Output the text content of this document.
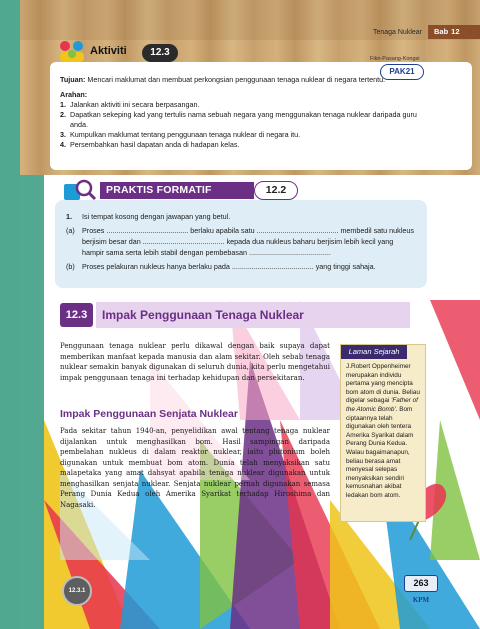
Tenaga Nuklear	Bab 12
Aktiviti	12.3
Fikir-Pasang-Kongsi
PAK21
Tujuan: Mencari maklumat dan membuat perkongsian penggunaan tenaga nuklear di negara tertentu.
Arahan:
1. Jalankan aktiviti ini secara berpasangan.
2. Dapatkan sekeping kad yang tertulis nama sebuah negara yang menggunakan tenaga nuklear daripada guru anda.
3. Kumpulkan maklumat tentang penggunaan tenaga nuklear di negara itu.
4. Persembahkan hasil dapatan anda di hadapan kelas.
PRAKTIS FORMATIF	12.2
1.	Isi tempat kosong dengan jawapan yang betul.
(a)	Proses ......................................... berlaku apabila satu ......................................... membedil satu nukleus berjisim besar dan ......................................... kepada dua nukleus baharu berjisim lebih kecil yang hampir sama serta lebih stabil dengan pembebasan .........................................
(b)	Proses pelakuran nukleus hanya berlaku pada ......................................... yang tinggi sahaja.
12.3	Impak Penggunaan Tenaga Nuklear

Penggunaan tenaga nuklear perlu dikawal dengan baik supaya dapat memberikan manfaat kepada manusia dan alam sekitar. Oleh sebab tenaga nuklear semakin banyak digunakan di seluruh dunia, kita perlu mengetahui impak penggunaan tenaga ini terhadap kehidupan dan persekitaran.

Impak Penggunaan Senjata Nuklear

Pada sekitar tahun 1940-an, penyelidikan awal tentang tenaga nuklear dijalankan untuk menghasilkan bom. Hasil sampingan daripada pembelahan nukleus di dalam reaktor nuklear, iaitu plutonium boleh digunakan untuk membuat bom atom. Dunia telah menyaksikan satu malapetaka yang amat dahsyat apabila tenaga nuklear digunakan untuk menghasilkan senjata nuklear. Senjata nuklear pernah digunakan semasa Perang Dunia Kedua oleh Amerika Syarikat terhadap Hiroshima dan Nagasaki.

Laman Sejarah
J.Robert Oppenheimer merupakan individu pertama yang mencipta bom atom di dunia. Beliau digelar sebagai 'Father of the Atomic Bomb'. Bom ciptaannya telah digunakan oleh tentera Amerika Syarikat dalam Perang Dunia Kedua. Walau bagaimanapun, beliau berasa amat menyesal selepas menyaksikan sendiri kemusnahan akibat ledakan bom atom.
12.3.1
263
KPM
